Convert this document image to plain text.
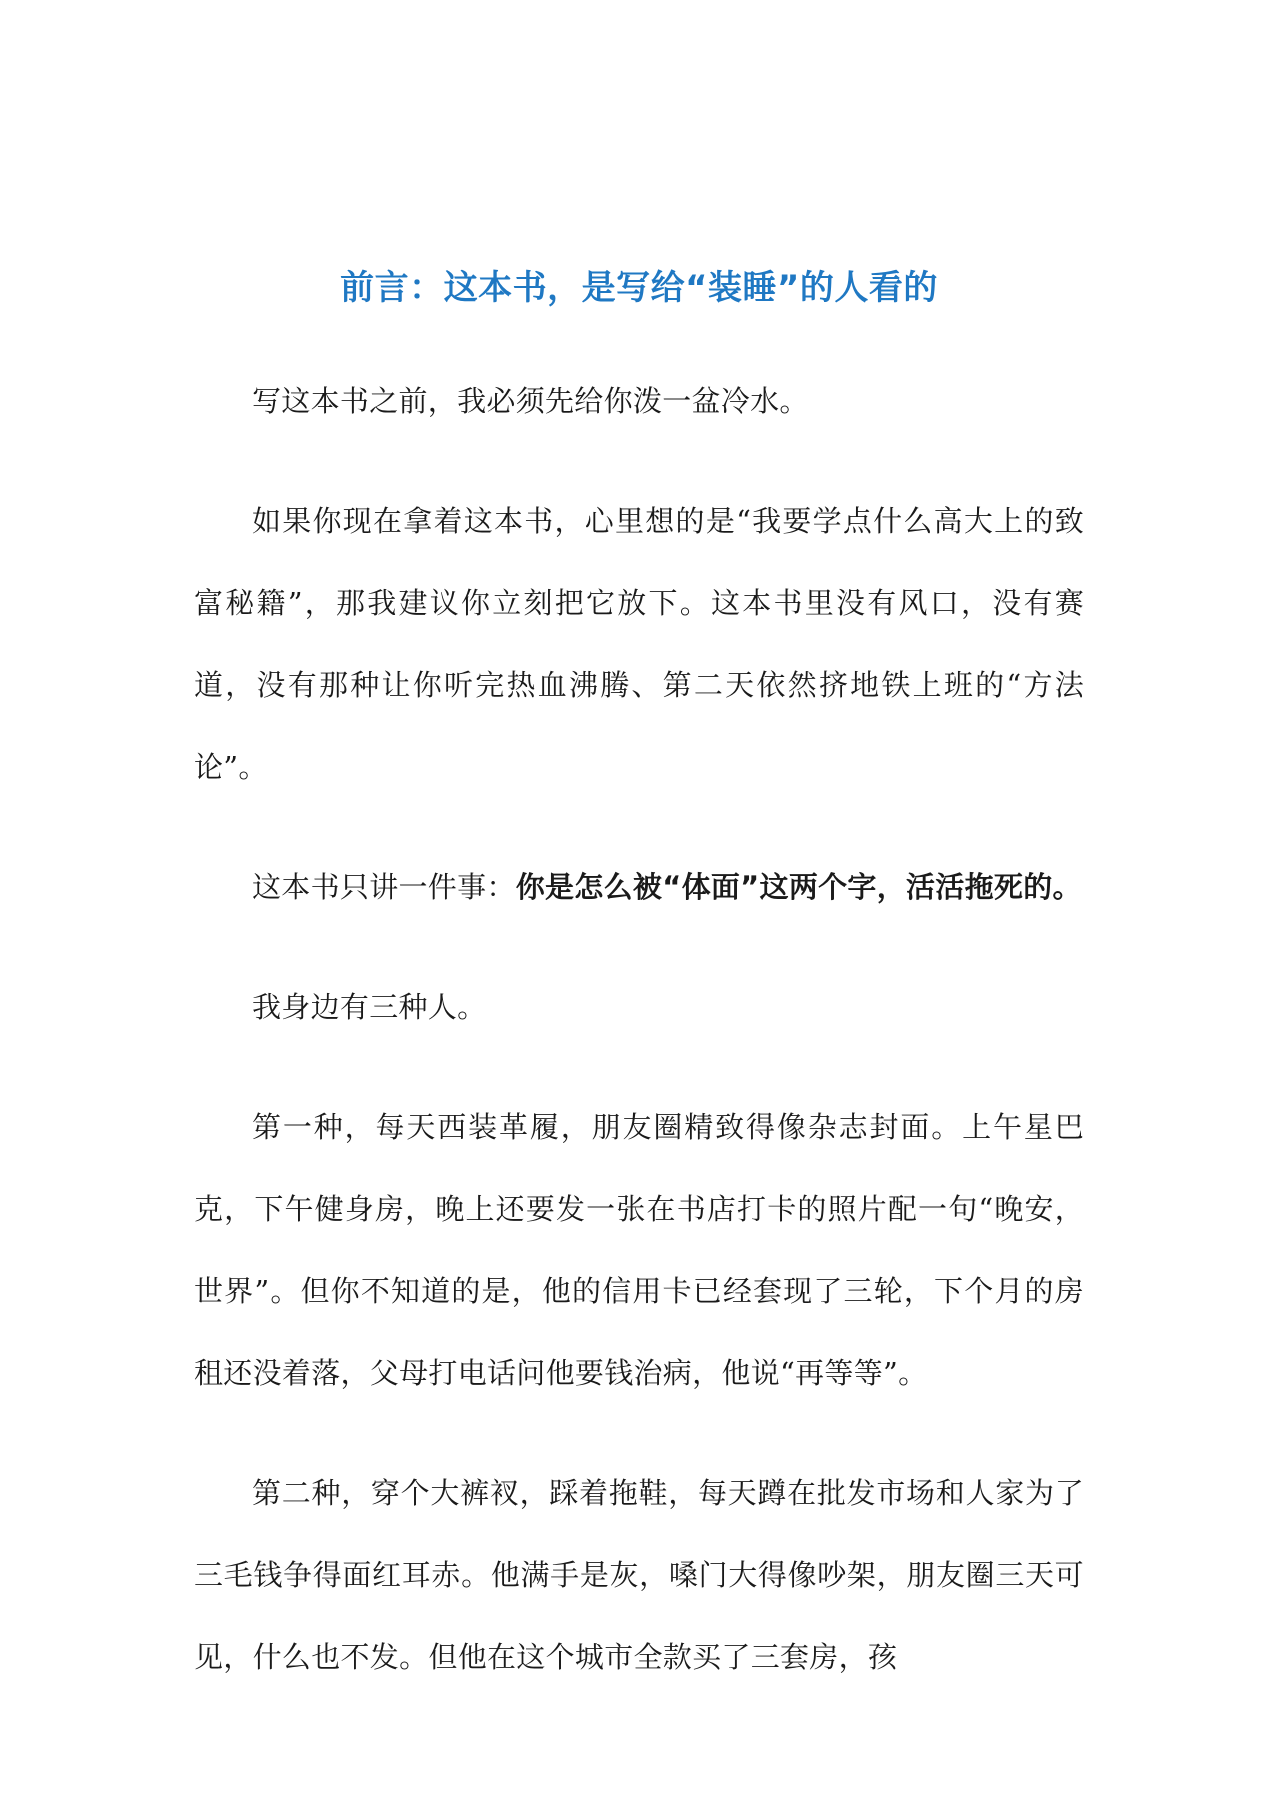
前言：这本书，是写给“装睡”的人看的

写这本书之前，我必须先给你泼一盆冷水。

如果你现在拿着这本书，心里想的是“我要学点什么高大上的致富秘籍”，那我建议你立刻把它放下。这本书里没有风口，没有赛道，没有那种让你听完热血沸腾、第二天依然挤地铁上班的“方法论”。

这本书只讲一件事：你是怎么被“体面”这两个字，活活拖死的。

我身边有三种人。

第一种，每天西装革履，朋友圈精致得像杂志封面。上午星巴克，下午健身房，晚上还要发一张在书店打卡的照片配一句“晚安，世界”。但你不知道的是，他的信用卡已经套现了三轮，下个月的房租还没着落，父母打电话问他要钱治病，他说“再等等”。

第二种，穿个大裤衩，踩着拖鞋，每天蹲在批发市场和人家为了三毛钱争得面红耳赤。他满手是灰，嗓门大得像吵架，朋友圈三天可见，什么也不发。但他在这个城市全款买了三套房，孩
